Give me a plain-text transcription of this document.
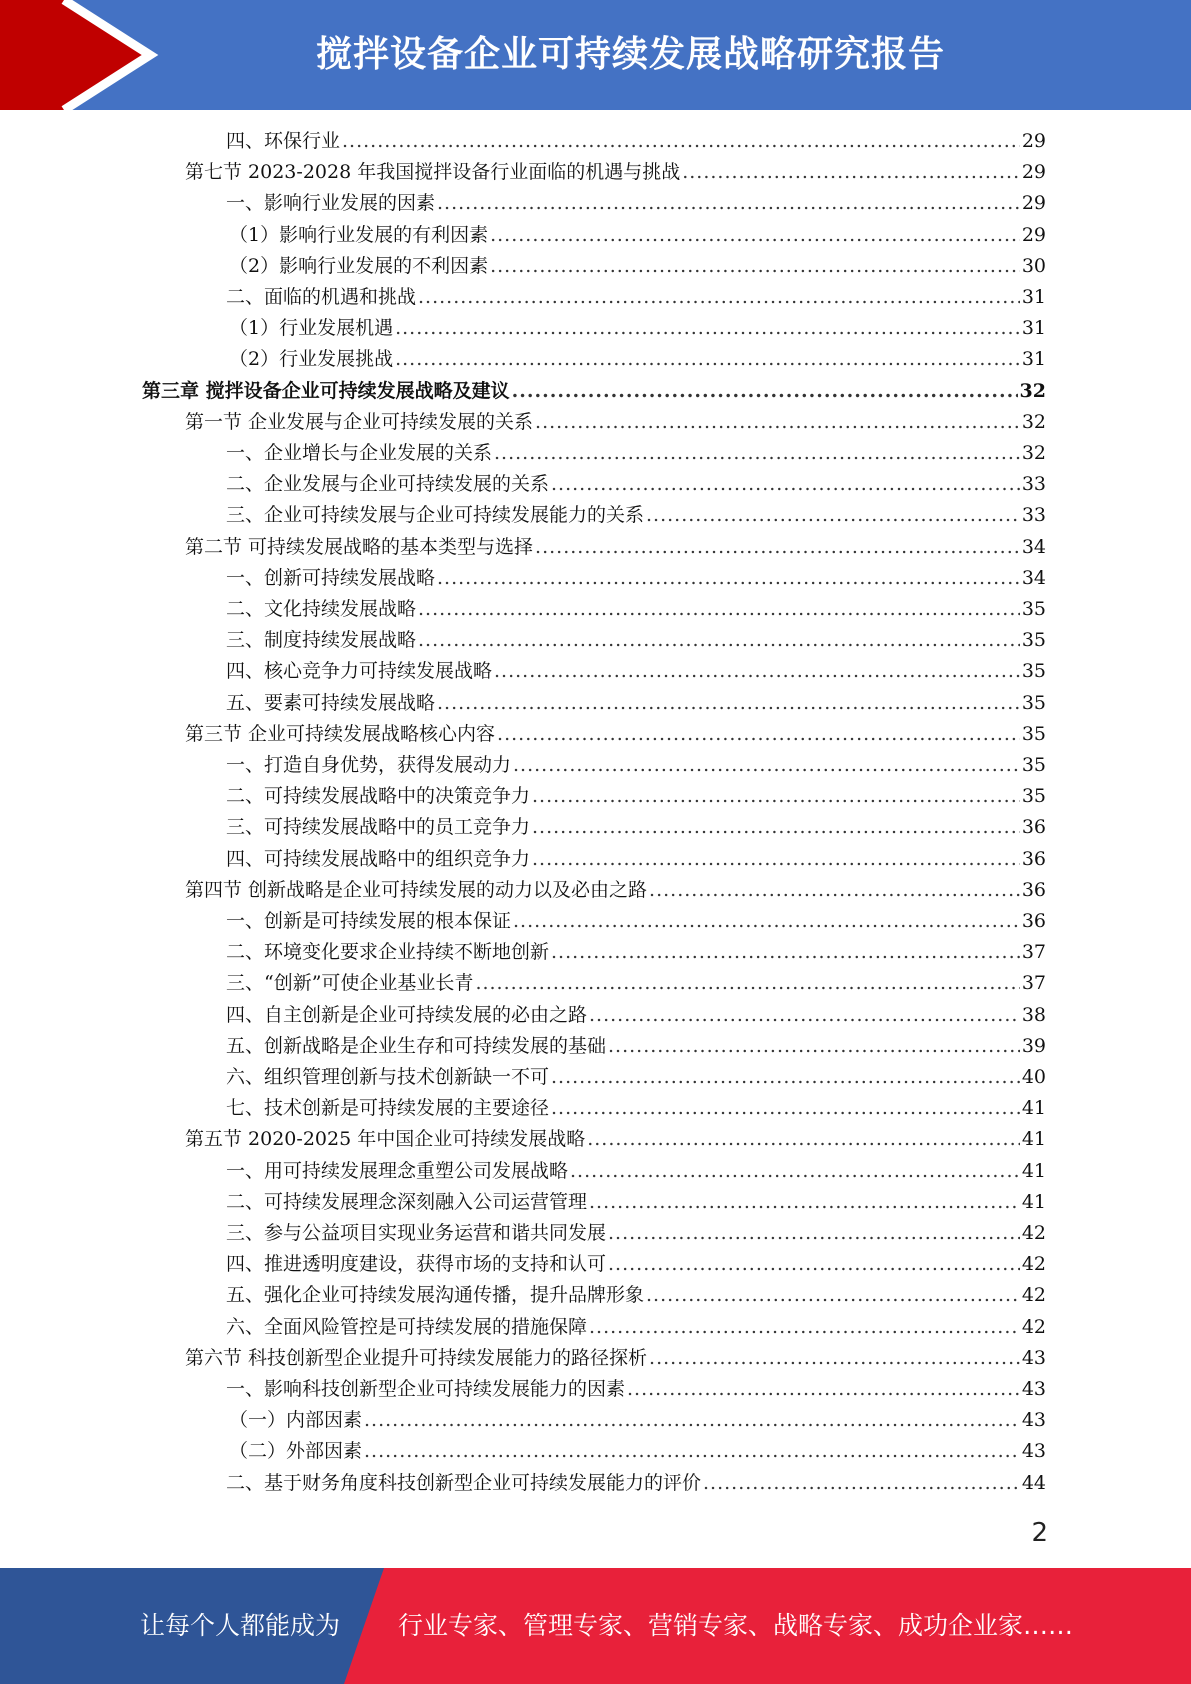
搅拌设备企业可持续发展战略研究报告
四、环保行业 .....	29
第七节 2023-2028 年我国搅拌设备行业面临的机遇与挑战 .....	29
一、影响行业发展的因素 .....	29
（1）影响行业发展的有利因素 .....	29
（2）影响行业发展的不利因素 .....	30
二、面临的机遇和挑战 .....	31
（1）行业发展机遇 .....	31
（2）行业发展挑战 .....	31
第三章 搅拌设备企业可持续发展战略及建议 .....	32
第一节 企业发展与企业可持续发展的关系 .....	32
一、企业增长与企业发展的关系 .....	32
二、企业发展与企业可持续发展的关系 .....	33
三、企业可持续发展与企业可持续发展能力的关系 .....	33
第二节 可持续发展战略的基本类型与选择 .....	34
一、创新可持续发展战略 .....	34
二、文化持续发展战略 .....	35
三、制度持续发展战略 .....	35
四、核心竞争力可持续发展战略 .....	35
五、要素可持续发展战略 .....	35
第三节 企业可持续发展战略核心内容 .....	35
一、打造自身优势，获得发展动力 .....	35
二、可持续发展战略中的决策竞争力 .....	35
三、可持续发展战略中的员工竞争力 .....	36
四、可持续发展战略中的组织竞争力 .....	36
第四节 创新战略是企业可持续发展的动力以及必由之路 .....	36
一、创新是可持续发展的根本保证 .....	36
二、环境变化要求企业持续不断地创新 .....	37
三、“创新”可使企业基业长青 .....	37
四、自主创新是企业可持续发展的必由之路 .....	38
五、创新战略是企业生存和可持续发展的基础 .....	39
六、组织管理创新与技术创新缺一不可 .....	40
七、技术创新是可持续发展的主要途径 .....	41
第五节 2020-2025 年中国企业可持续发展战略 .....	41
一、用可持续发展理念重塑公司发展战略 .....	41
二、可持续发展理念深刻融入公司运营管理 .....	41
三、参与公益项目实现业务运营和谐共同发展 .....	42
四、推进透明度建设，获得市场的支持和认可 .....	42
五、强化企业可持续发展沟通传播，提升品牌形象 .....	42
六、全面风险管控是可持续发展的措施保障 .....	42
第六节 科技创新型企业提升可持续发展能力的路径探析 .....	43
一、影响科技创新型企业可持续发展能力的因素 .....	43
（一）内部因素 .....	43
（二）外部因素 .....	43
二、基于财务角度科技创新型企业可持续发展能力的评价 .....	44
2
让每个人都能成为 行业专家、管理专家、营销专家、战略专家、成功企业家……
